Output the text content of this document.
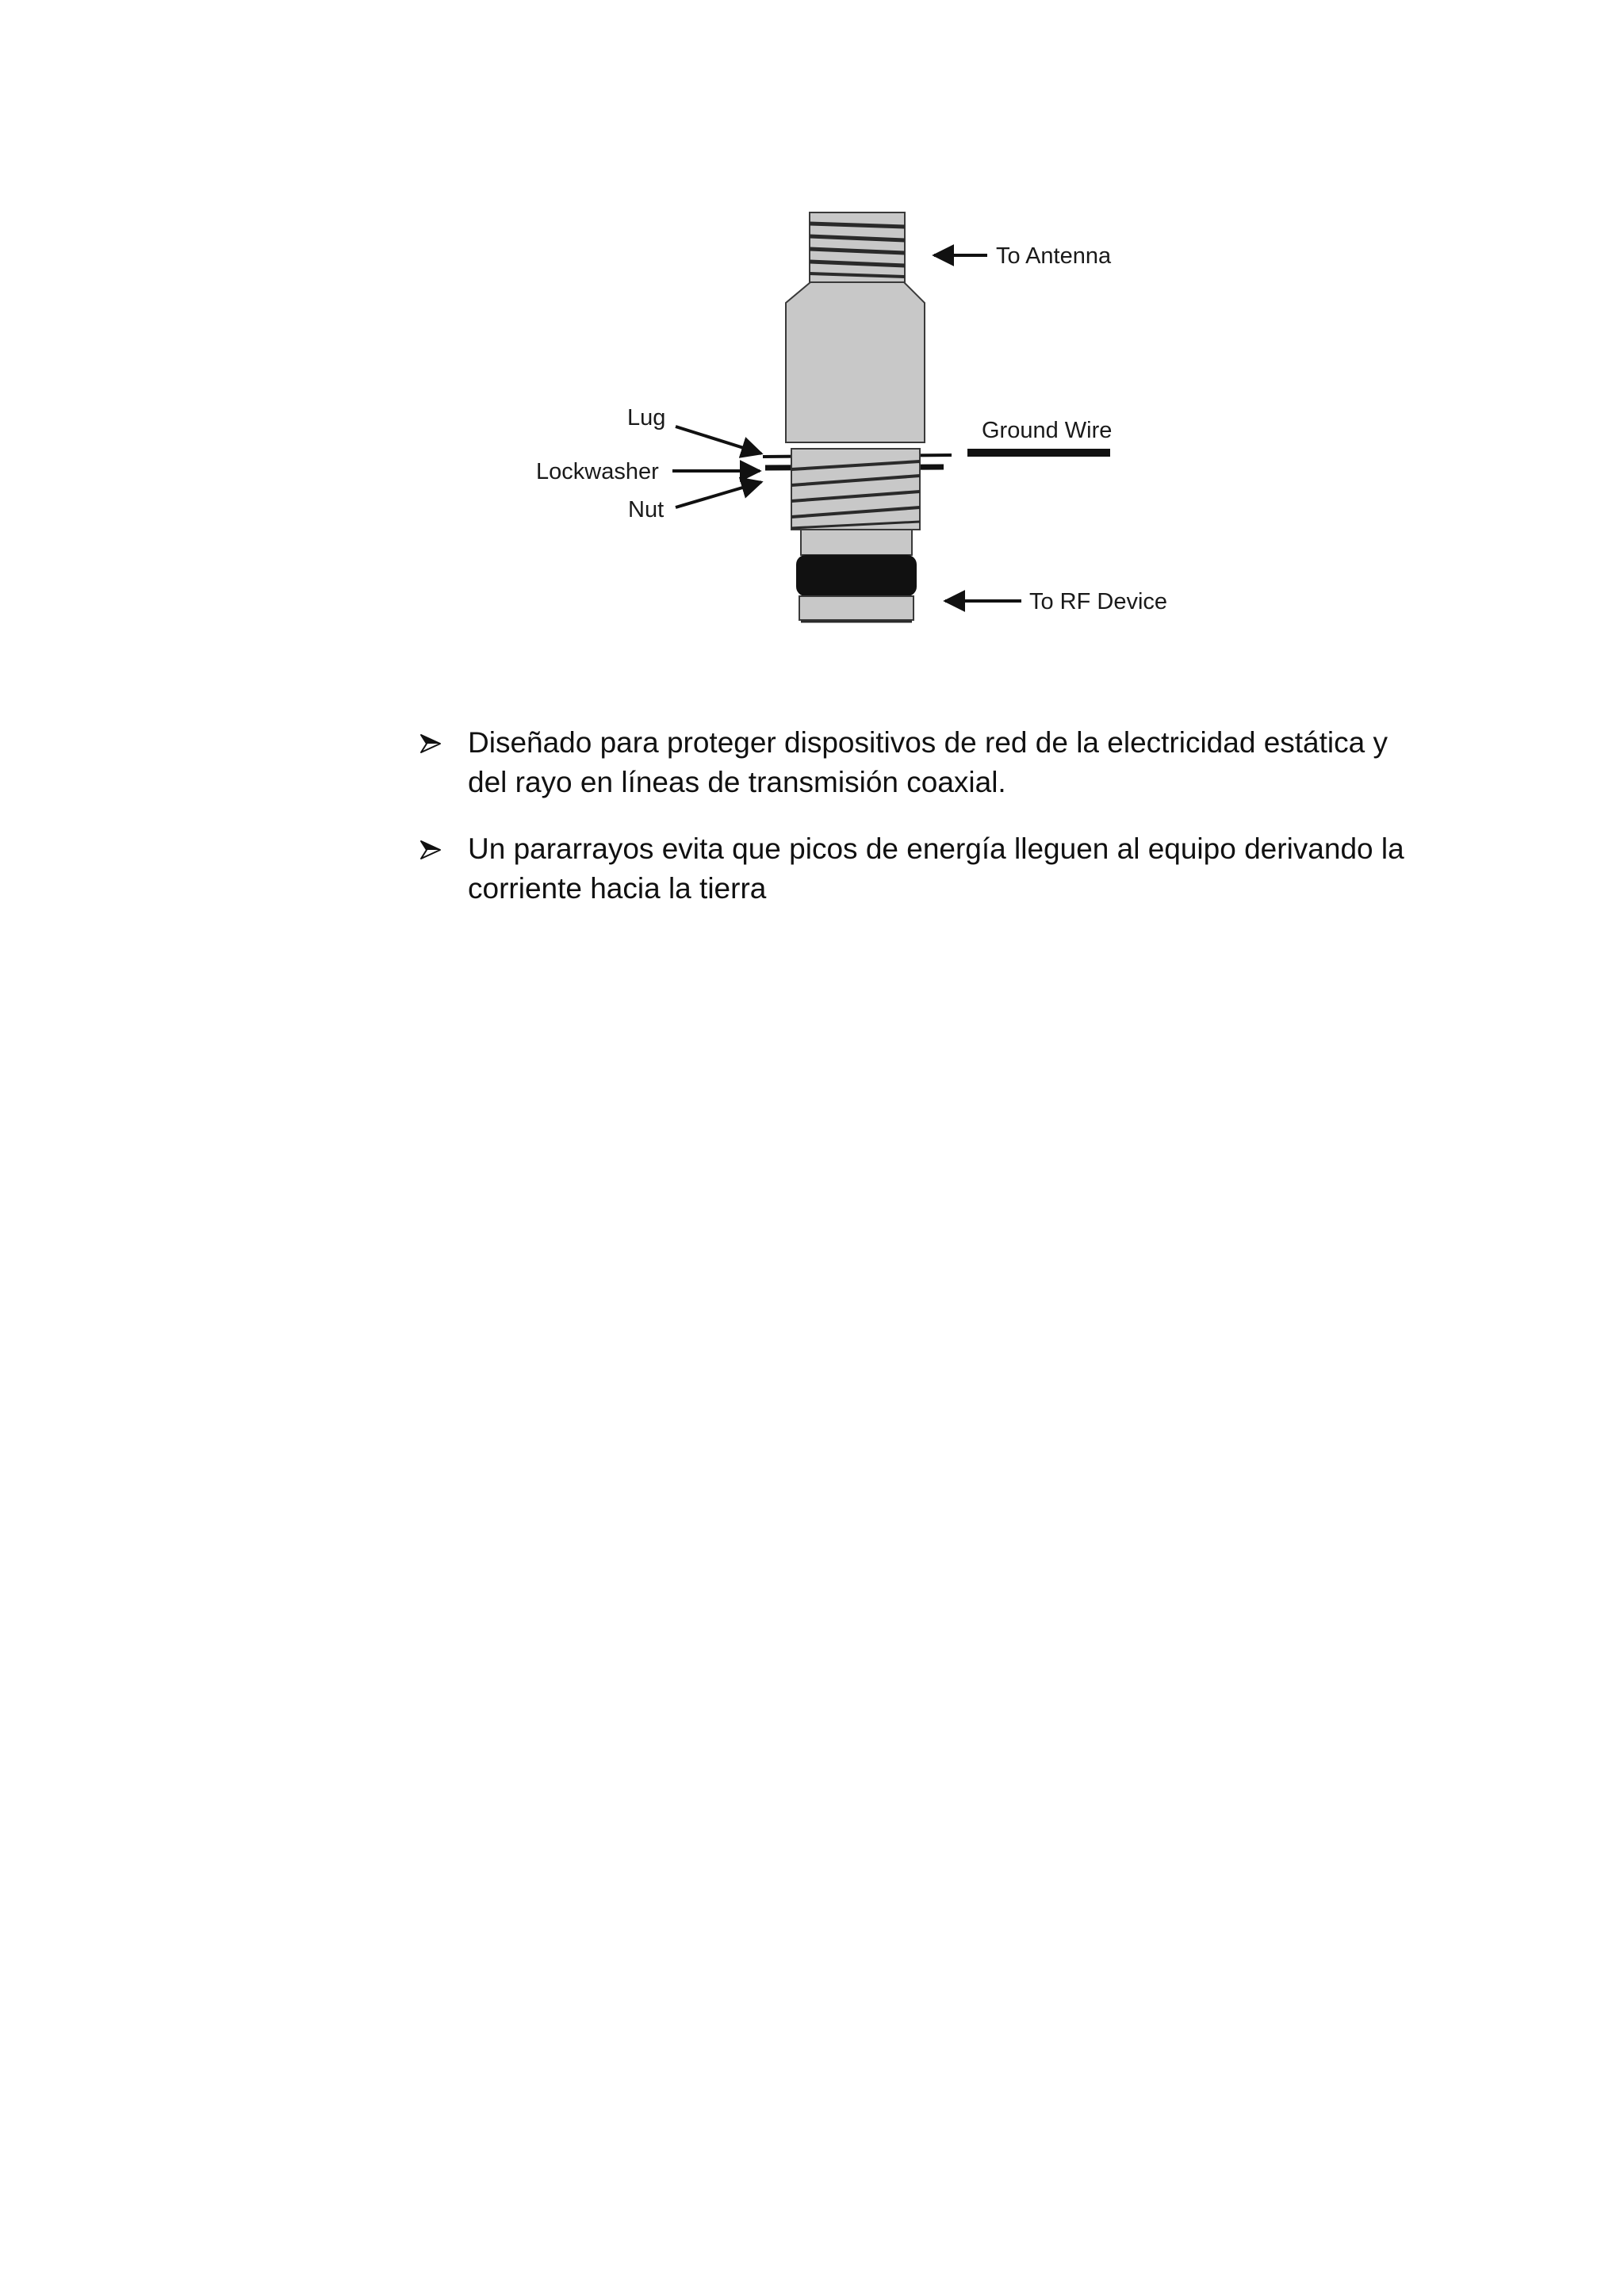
To Antenna
Lug	Ground Wire
Lockwasher
Nut
To RF Device
Diseñado para proteger dispositivos de red de la electricidad estática y del rayo en líneas de transmisión coaxial.
Un pararrayos evita que picos de energía lleguen al equipo derivando la corriente hacia la tierra
